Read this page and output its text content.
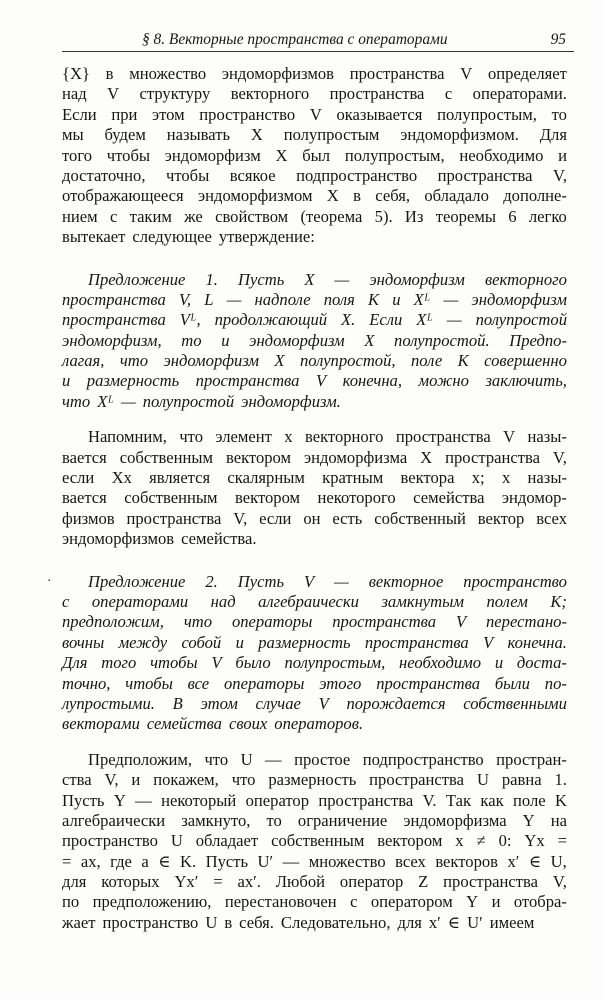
§ 8. Векторные пространства с операторами	95
{X} в множество эндоморфизмов пространства V определяет
над V структуру векторного пространства с операторами.
Если при этом пространство V оказывается полупростым, то
мы будем называть X полупростым эндоморфизмом. Для
того чтобы эндоморфизм X был полупростым, необходимо и
достаточно, чтобы всякое подпространство пространства V,
отображающееся эндоморфизмом X в себя, обладало дополне-
нием с таким же свойством (теорема 5). Из теоремы 6 легко
вытекает следующее утверждение:
Предложение 1. Пусть X — эндоморфизм векторного
пространства V, L — надполе поля K и Xᴸ — эндоморфизм
пространства Vᴸ, продолжающий X. Если Xᴸ — полупростой
эндоморфизм, то и эндоморфизм X полупростой. Предпо-
лагая, что эндоморфизм X полупростой, поле K совершенно
и размерность пространства V конечна, можно заключить,
что Xᴸ — полупростой эндоморфизм.
Напомним, что элемент x векторного пространства V назы-
вается собственным вектором эндоморфизма X пространства V,
если Xx является скалярным кратным вектора x; x назы-
вается собственным вектором некоторого семейства эндомор-
физмов пространства V, если он есть собственный вектор всех
эндоморфизмов семейства.
Предложение 2. Пусть V — векторное пространство
с операторами над алгебраически замкнутым полем K;
предположим, что операторы пространства V перестано-
вочны между собой и размерность пространства V конечна.
Для того чтобы V было полупростым, необходимо и доста-
точно, чтобы все операторы этого пространства были по-
лупростыми. В этом случае V порождается собственными
векторами семейства своих операторов.
·
Предположим, что U — простое подпространство простран-
ства V, и покажем, что размерность пространства U равна 1.
Пусть Y — некоторый оператор пространства V. Так как поле K
алгебраически замкнуто, то ограничение эндоморфизма Y на
пространство U обладает собственным вектором x ≠ 0: Yx =
= ax, где a ∈ K. Пусть U′ — множество всех векторов x′ ∈ U,
для которых Yx′ = ax′. Любой оператор Z пространства V,
по предположению, перестановочен с оператором Y и отобра-
жает пространство U в себя. Следовательно, для x′ ∈ U′ имеем
